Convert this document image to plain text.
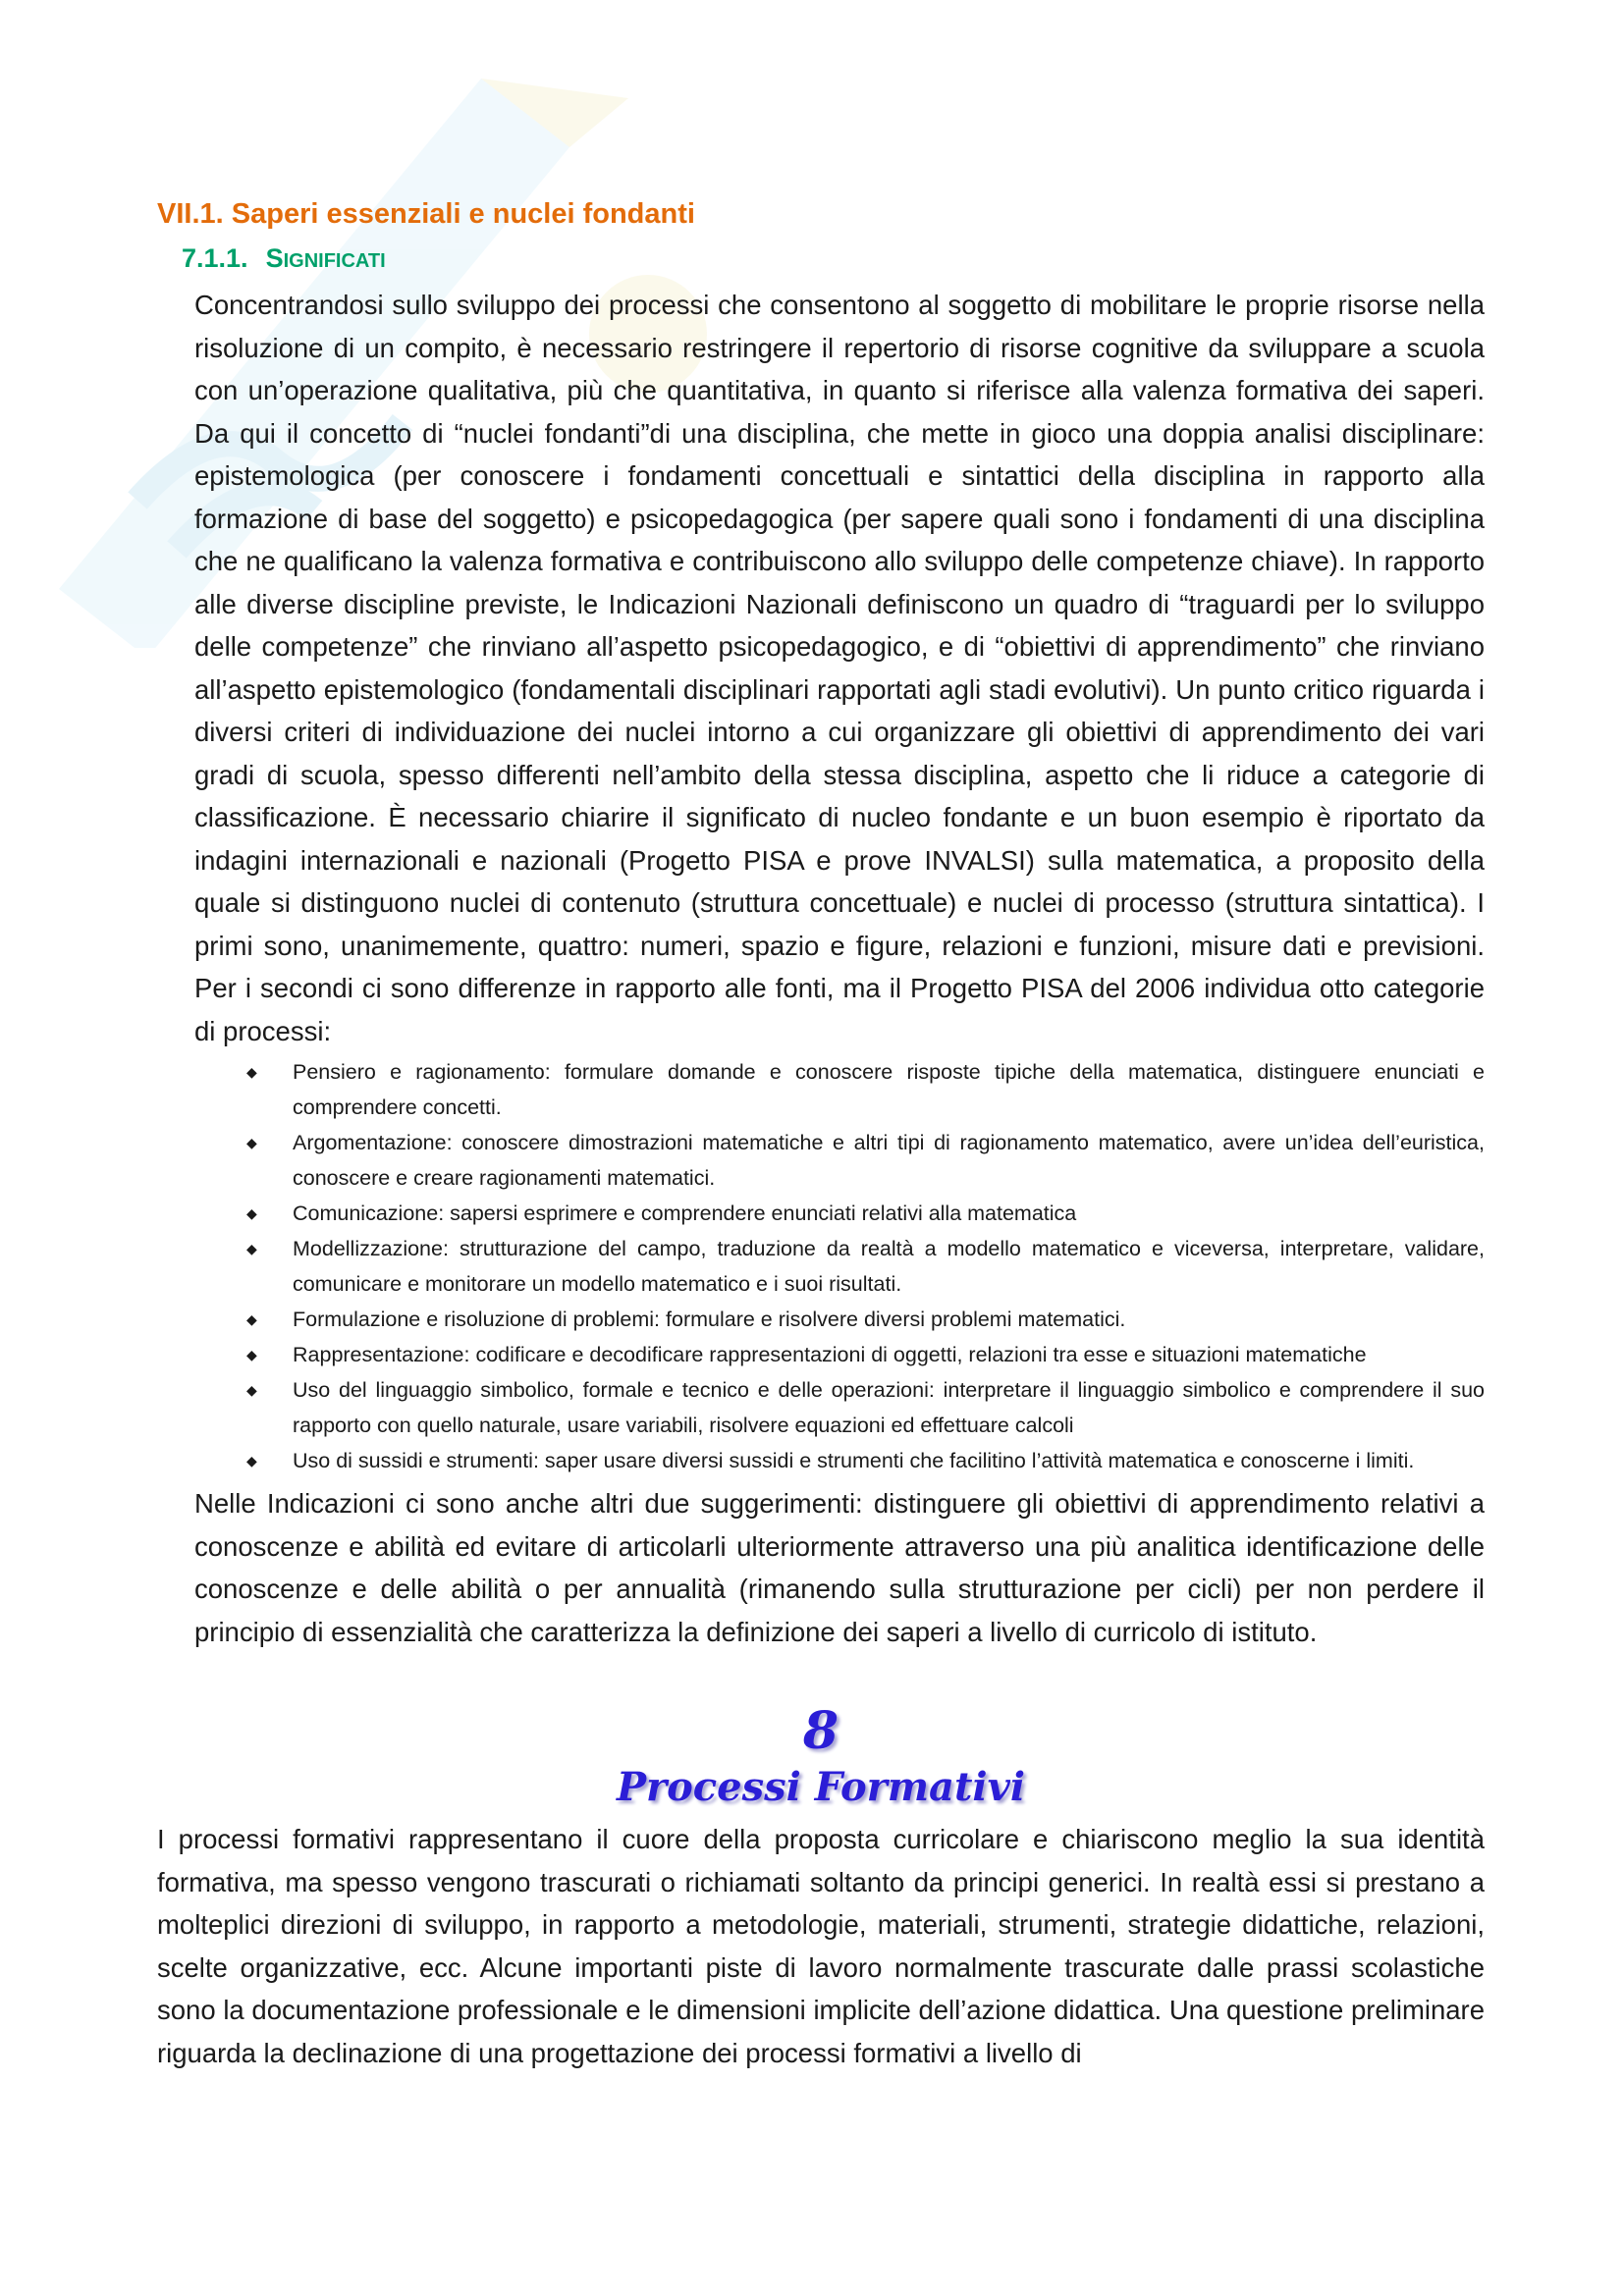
VII.1. Saperi essenziali e nuclei fondanti
7.1.1. SIGNIFICATI

Concentrandosi sullo sviluppo dei processi che consentono al soggetto di mobilitare le proprie risorse nella risoluzione di un compito, è necessario restringere il repertorio di risorse cognitive da sviluppare a scuola con un’operazione qualitativa, più che quantitativa, in quanto si riferisce alla valenza formativa dei saperi. Da qui il concetto di “nuclei fondanti”di una disciplina, che mette in gioco una doppia analisi disciplinare: epistemologica (per conoscere i fondamenti concettuali e sintattici della disciplina in rapporto alla formazione di base del soggetto) e psicopedagogica (per sapere quali sono i fondamenti di una disciplina che ne qualificano la valenza formativa e contribuiscono allo sviluppo delle competenze chiave). In rapporto alle diverse discipline previste, le Indicazioni Nazionali definiscono un quadro di “traguardi per lo sviluppo delle competenze” che rinviano all’aspetto psicopedagogico, e di “obiettivi di apprendimento” che rinviano all’aspetto epistemologico (fondamentali disciplinari rapportati agli stadi evolutivi). Un punto critico riguarda i diversi criteri di individuazione dei nuclei intorno a cui organizzare gli obiettivi di apprendimento dei vari gradi di scuola, spesso differenti nell’ambito della stessa disciplina, aspetto che li riduce a categorie di classificazione. È necessario chiarire il significato di nucleo fondante e un buon esempio è riportato da indagini internazionali e nazionali (Progetto PISA e prove INVALSI) sulla matematica, a proposito della quale si distinguono nuclei di contenuto (struttura concettuale) e nuclei di processo (struttura sintattica). I primi sono, unanimemente, quattro: numeri, spazio e figure, relazioni e funzioni, misure dati e previsioni. Per i secondi ci sono differenze in rapporto alle fonti, ma il Progetto PISA del 2006 individua otto categorie di processi:

◆ Pensiero e ragionamento: formulare domande e conoscere risposte tipiche della matematica, distinguere enunciati e comprendere concetti.
◆ Argomentazione: conoscere dimostrazioni matematiche e altri tipi di ragionamento matematico, avere un’idea dell’euristica, conoscere e creare ragionamenti matematici.
◆ Comunicazione: sapersi esprimere e comprendere enunciati relativi alla matematica
◆ Modellizzazione: strutturazione del campo, traduzione da realtà a modello matematico e viceversa, interpretare, validare, comunicare e monitorare un modello matematico e i suoi risultati.
◆ Formulazione e risoluzione di problemi: formulare e risolvere diversi problemi matematici.
◆ Rappresentazione: codificare e decodificare rappresentazioni di oggetti, relazioni tra esse e situazioni matematiche
◆ Uso del linguaggio simbolico, formale e tecnico e delle operazioni: interpretare il linguaggio simbolico e comprendere il suo rapporto con quello naturale, usare variabili, risolvere equazioni ed effettuare calcoli
◆ Uso di sussidi e strumenti: saper usare diversi sussidi e strumenti che facilitino l’attività matematica e conoscerne i limiti.

Nelle Indicazioni ci sono anche altri due suggerimenti: distinguere gli obiettivi di apprendimento relativi a conoscenze e abilità ed evitare di articolarli ulteriormente attraverso una più analitica identificazione delle conoscenze e delle abilità o per annualità (rimanendo sulla strutturazione per cicli) per non perdere il principio di essenzialità che caratterizza la definizione dei saperi a livello di curricolo di istituto.

8

Processi Formativi

I processi formativi rappresentano il cuore della proposta curricolare e chiariscono meglio la sua identità formativa, ma spesso vengono trascurati o richiamati soltanto da principi generici. In realtà essi si prestano a molteplici direzioni di sviluppo, in rapporto a metodologie, materiali, strumenti, strategie didattiche, relazioni, scelte organizzative, ecc. Alcune importanti piste di lavoro normalmente trascurate dalle prassi scolastiche sono la documentazione professionale e le dimensioni implicite dell’azione didattica. Una questione preliminare riguarda la declinazione di una progettazione dei processi formativi a livello di
